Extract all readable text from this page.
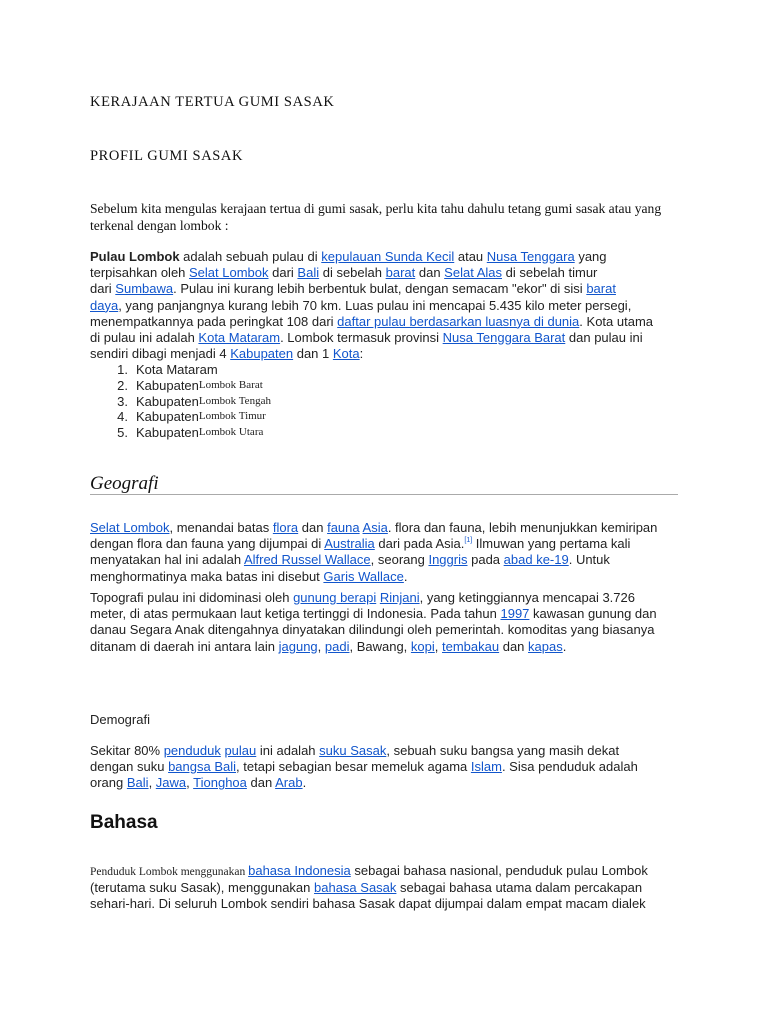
KERAJAAN TERTUA GUMI SASAK
PROFIL GUMI SASAK
Sebelum kita mengulas kerajaan tertua di gumi sasak, perlu kita tahu dahulu tetang gumi sasak atau yang
terkenal dengan lombok :
Pulau Lombok adalah sebuah pulau di kepulauan Sunda Kecil atau Nusa Tenggara yang
terpisahkan oleh Selat Lombok dari Bali di sebelah barat dan Selat Alas di sebelah timur
dari Sumbawa. Pulau ini kurang lebih berbentuk bulat, dengan semacam "ekor" di sisi barat
daya, yang panjangnya kurang lebih 70 km. Luas pulau ini mencapai 5.435 kilo meter persegi,
menempatkannya pada peringkat 108 dari daftar pulau berdasarkan luasnya di dunia. Kota utama
di pulau ini adalah Kota Mataram. Lombok termasuk provinsi Nusa Tenggara Barat dan pulau ini
sendiri dibagi menjadi 4 Kabupaten dan 1 Kota:
1. Kota Mataram
2. Kabupaten Lombok Barat
3. Kabupaten Lombok Tengah
4. Kabupaten Lombok Timur
5. Kabupaten Lombok Utara
Geografi
Selat Lombok, menandai batas flora dan fauna Asia. flora dan fauna, lebih menunjukkan kemiripan
dengan flora dan fauna yang dijumpai di Australia dari pada Asia.[1] Ilmuwan yang pertama kali
menyatakan hal ini adalah Alfred Russel Wallace, seorang Inggris pada abad ke-19. Untuk
menghormatinya maka batas ini disebut Garis Wallace.
Topografi pulau ini didominasi oleh gunung berapi Rinjani, yang ketinggiannya mencapai 3.726
meter, di atas permukaan laut ketiga tertinggi di Indonesia. Pada tahun 1997 kawasan gunung dan
danau Segara Anak ditengahnya dinyatakan dilindungi oleh pemerintah. komoditas yang biasanya
ditanam di daerah ini antara lain jagung, padi, Bawang, kopi, tembakau dan kapas.
Demografi
Sekitar 80% penduduk pulau ini adalah suku Sasak, sebuah suku bangsa yang masih dekat
dengan suku bangsa Bali, tetapi sebagian besar memeluk agama Islam. Sisa penduduk adalah
orang Bali, Jawa, Tionghoa dan Arab.
Bahasa
Penduduk Lombok menggunakan bahasa Indonesia sebagai bahasa nasional, penduduk pulau Lombok
(terutama suku Sasak), menggunakan bahasa Sasak sebagai bahasa utama dalam percakapan
sehari-hari. Di seluruh Lombok sendiri bahasa Sasak dapat dijumpai dalam empat macam dialek
